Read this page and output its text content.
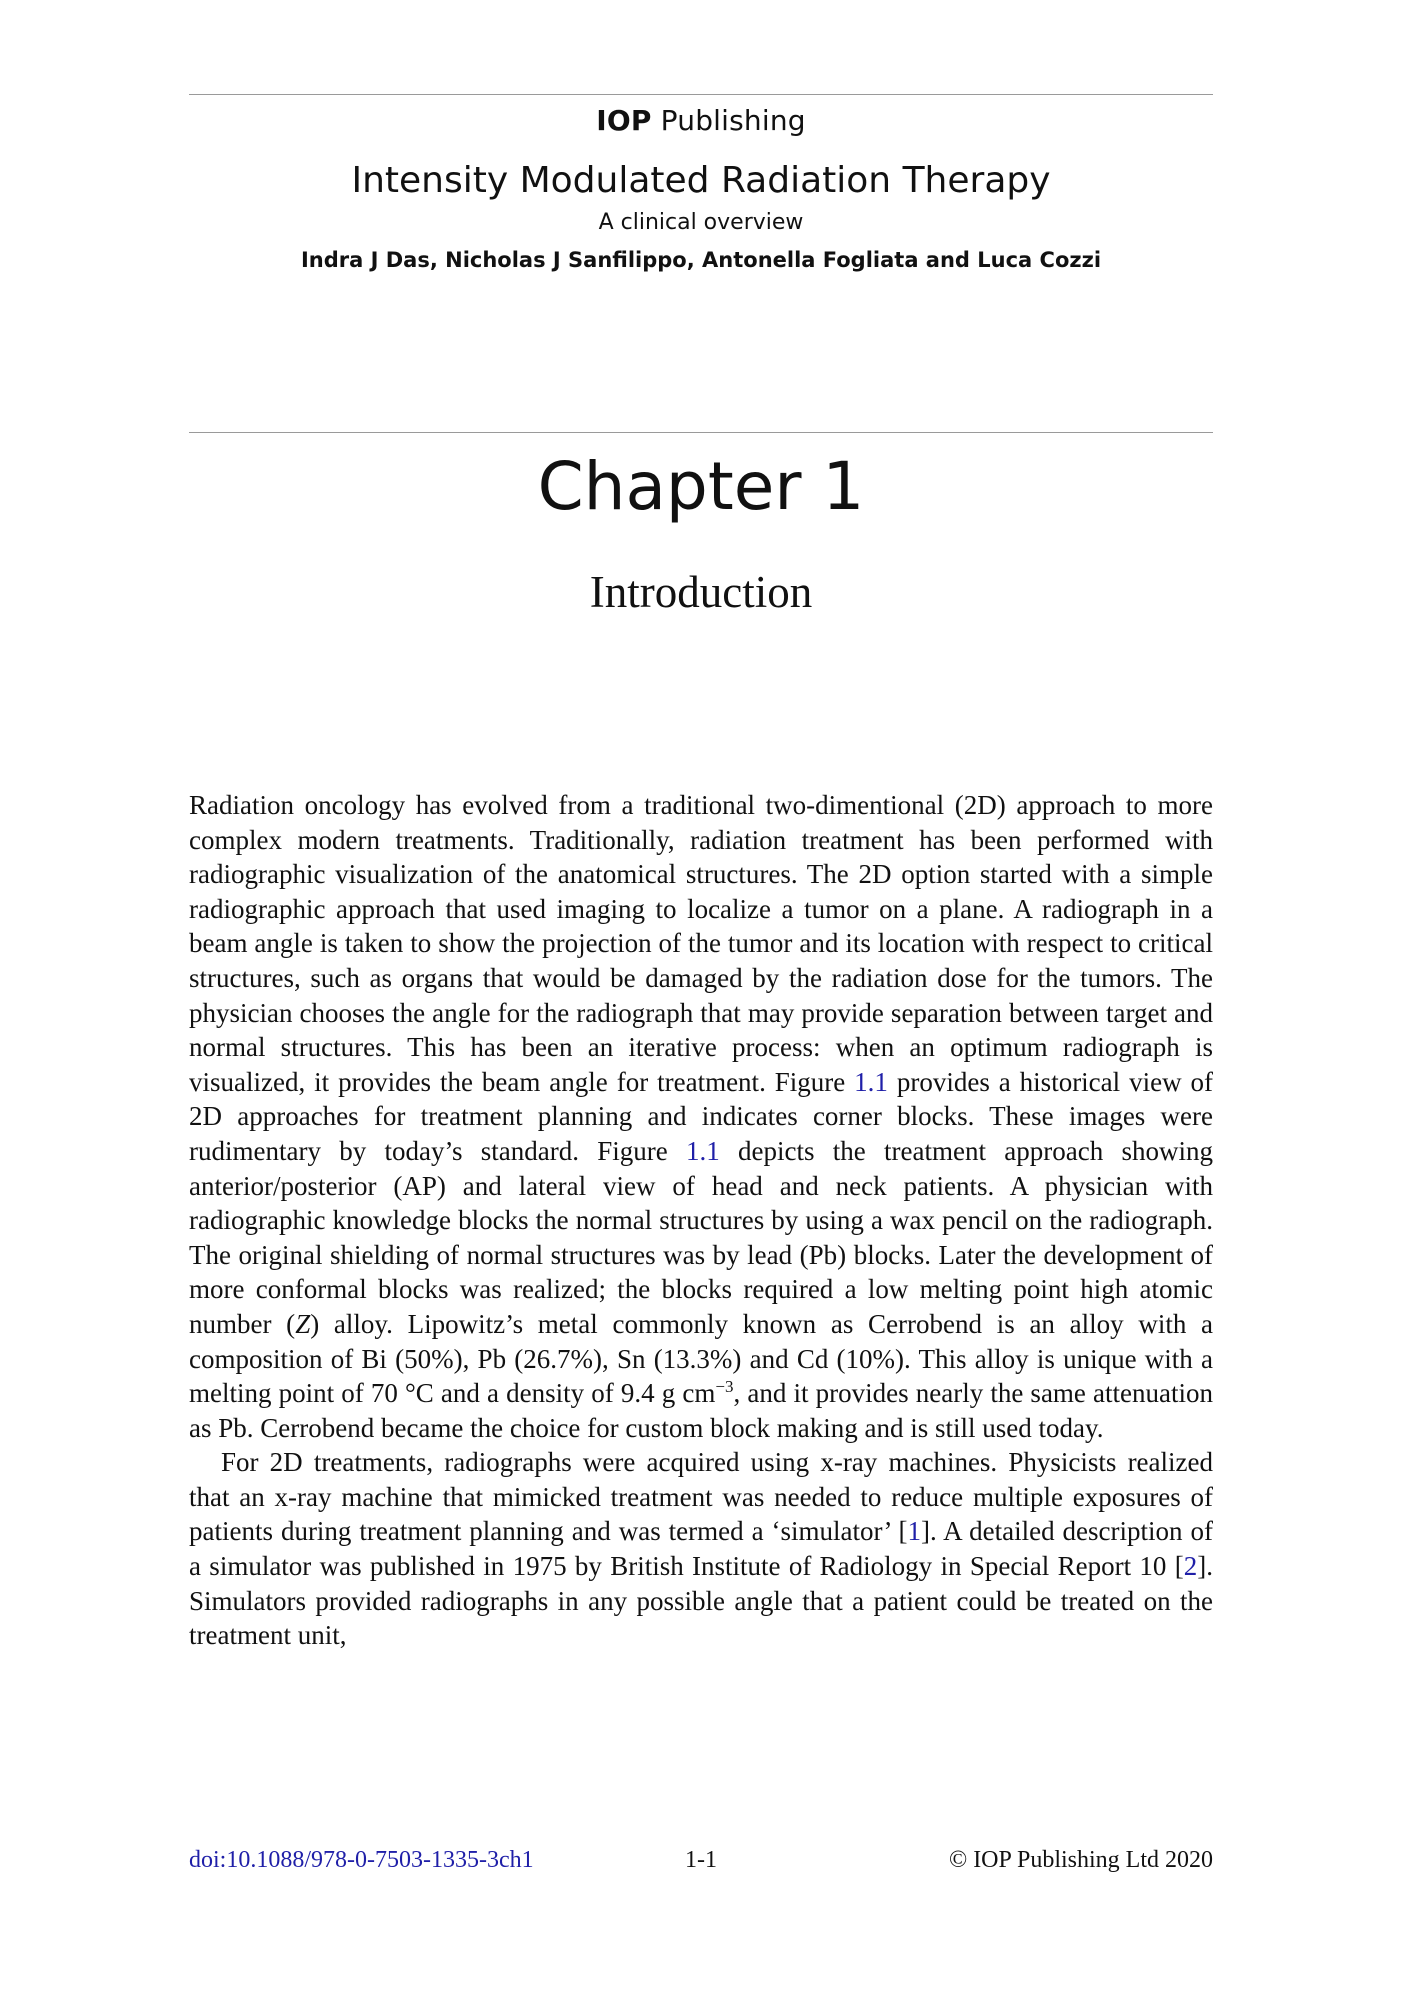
IOP Publishing
Intensity Modulated Radiation Therapy
A clinical overview
Indra J Das, Nicholas J Sanfilippo, Antonella Fogliata and Luca Cozzi
Chapter 1
Introduction

Radiation oncology has evolved from a traditional two-dimentional (2D) approach to more complex modern treatments. Traditionally, radiation treatment has been performed with radiographic visualization of the anatomical structures. The 2D option started with a simple radiographic approach that used imaging to localize a tumor on a plane. A radiograph in a beam angle is taken to show the projection of the tumor and its location with respect to critical structures, such as organs that would be damaged by the radiation dose for the tumors. The physician chooses the angle for the radiograph that may provide separation between target and normal structures. This has been an iterative process: when an optimum radiograph is visualized, it provides the beam angle for treatment. Figure 1.1 provides a historical view of 2D approaches for treatment planning and indicates corner blocks. These images were rudimentary by today’s standard. Figure 1.1 depicts the treatment approach showing anterior/posterior (AP) and lateral view of head and neck patients. A physician with radiographic knowledge blocks the normal structures by using a wax pencil on the radiograph. The original shielding of normal structures was by lead (Pb) blocks. Later the development of more conformal blocks was realized; the blocks required a low melting point high atomic number (Z) alloy. Lipowitz’s metal commonly known as Cerrobend is an alloy with a composition of Bi (50%), Pb (26.7%), Sn (13.3%) and Cd (10%). This alloy is unique with a melting point of 70 °C and a density of 9.4 g $cm^{-3}$, and it provides nearly the same attenuation as Pb. Cerrobend became the choice for custom block making and is still used today.

For 2D treatments, radiographs were acquired using x-ray machines. Physicists realized that an x-ray machine that mimicked treatment was needed to reduce multiple exposures of patients during treatment planning and was termed a ‘simulator’ [1]. A detailed description of a simulator was published in 1975 by British Institute of Radiology in Special Report 10 [2]. Simulators provided radiographs in any possible angle that a patient could be treated on the treatment unit,

doi:10.1088/978-0-7503-1335-3ch1	1-1	© IOP Publishing Ltd 2020
